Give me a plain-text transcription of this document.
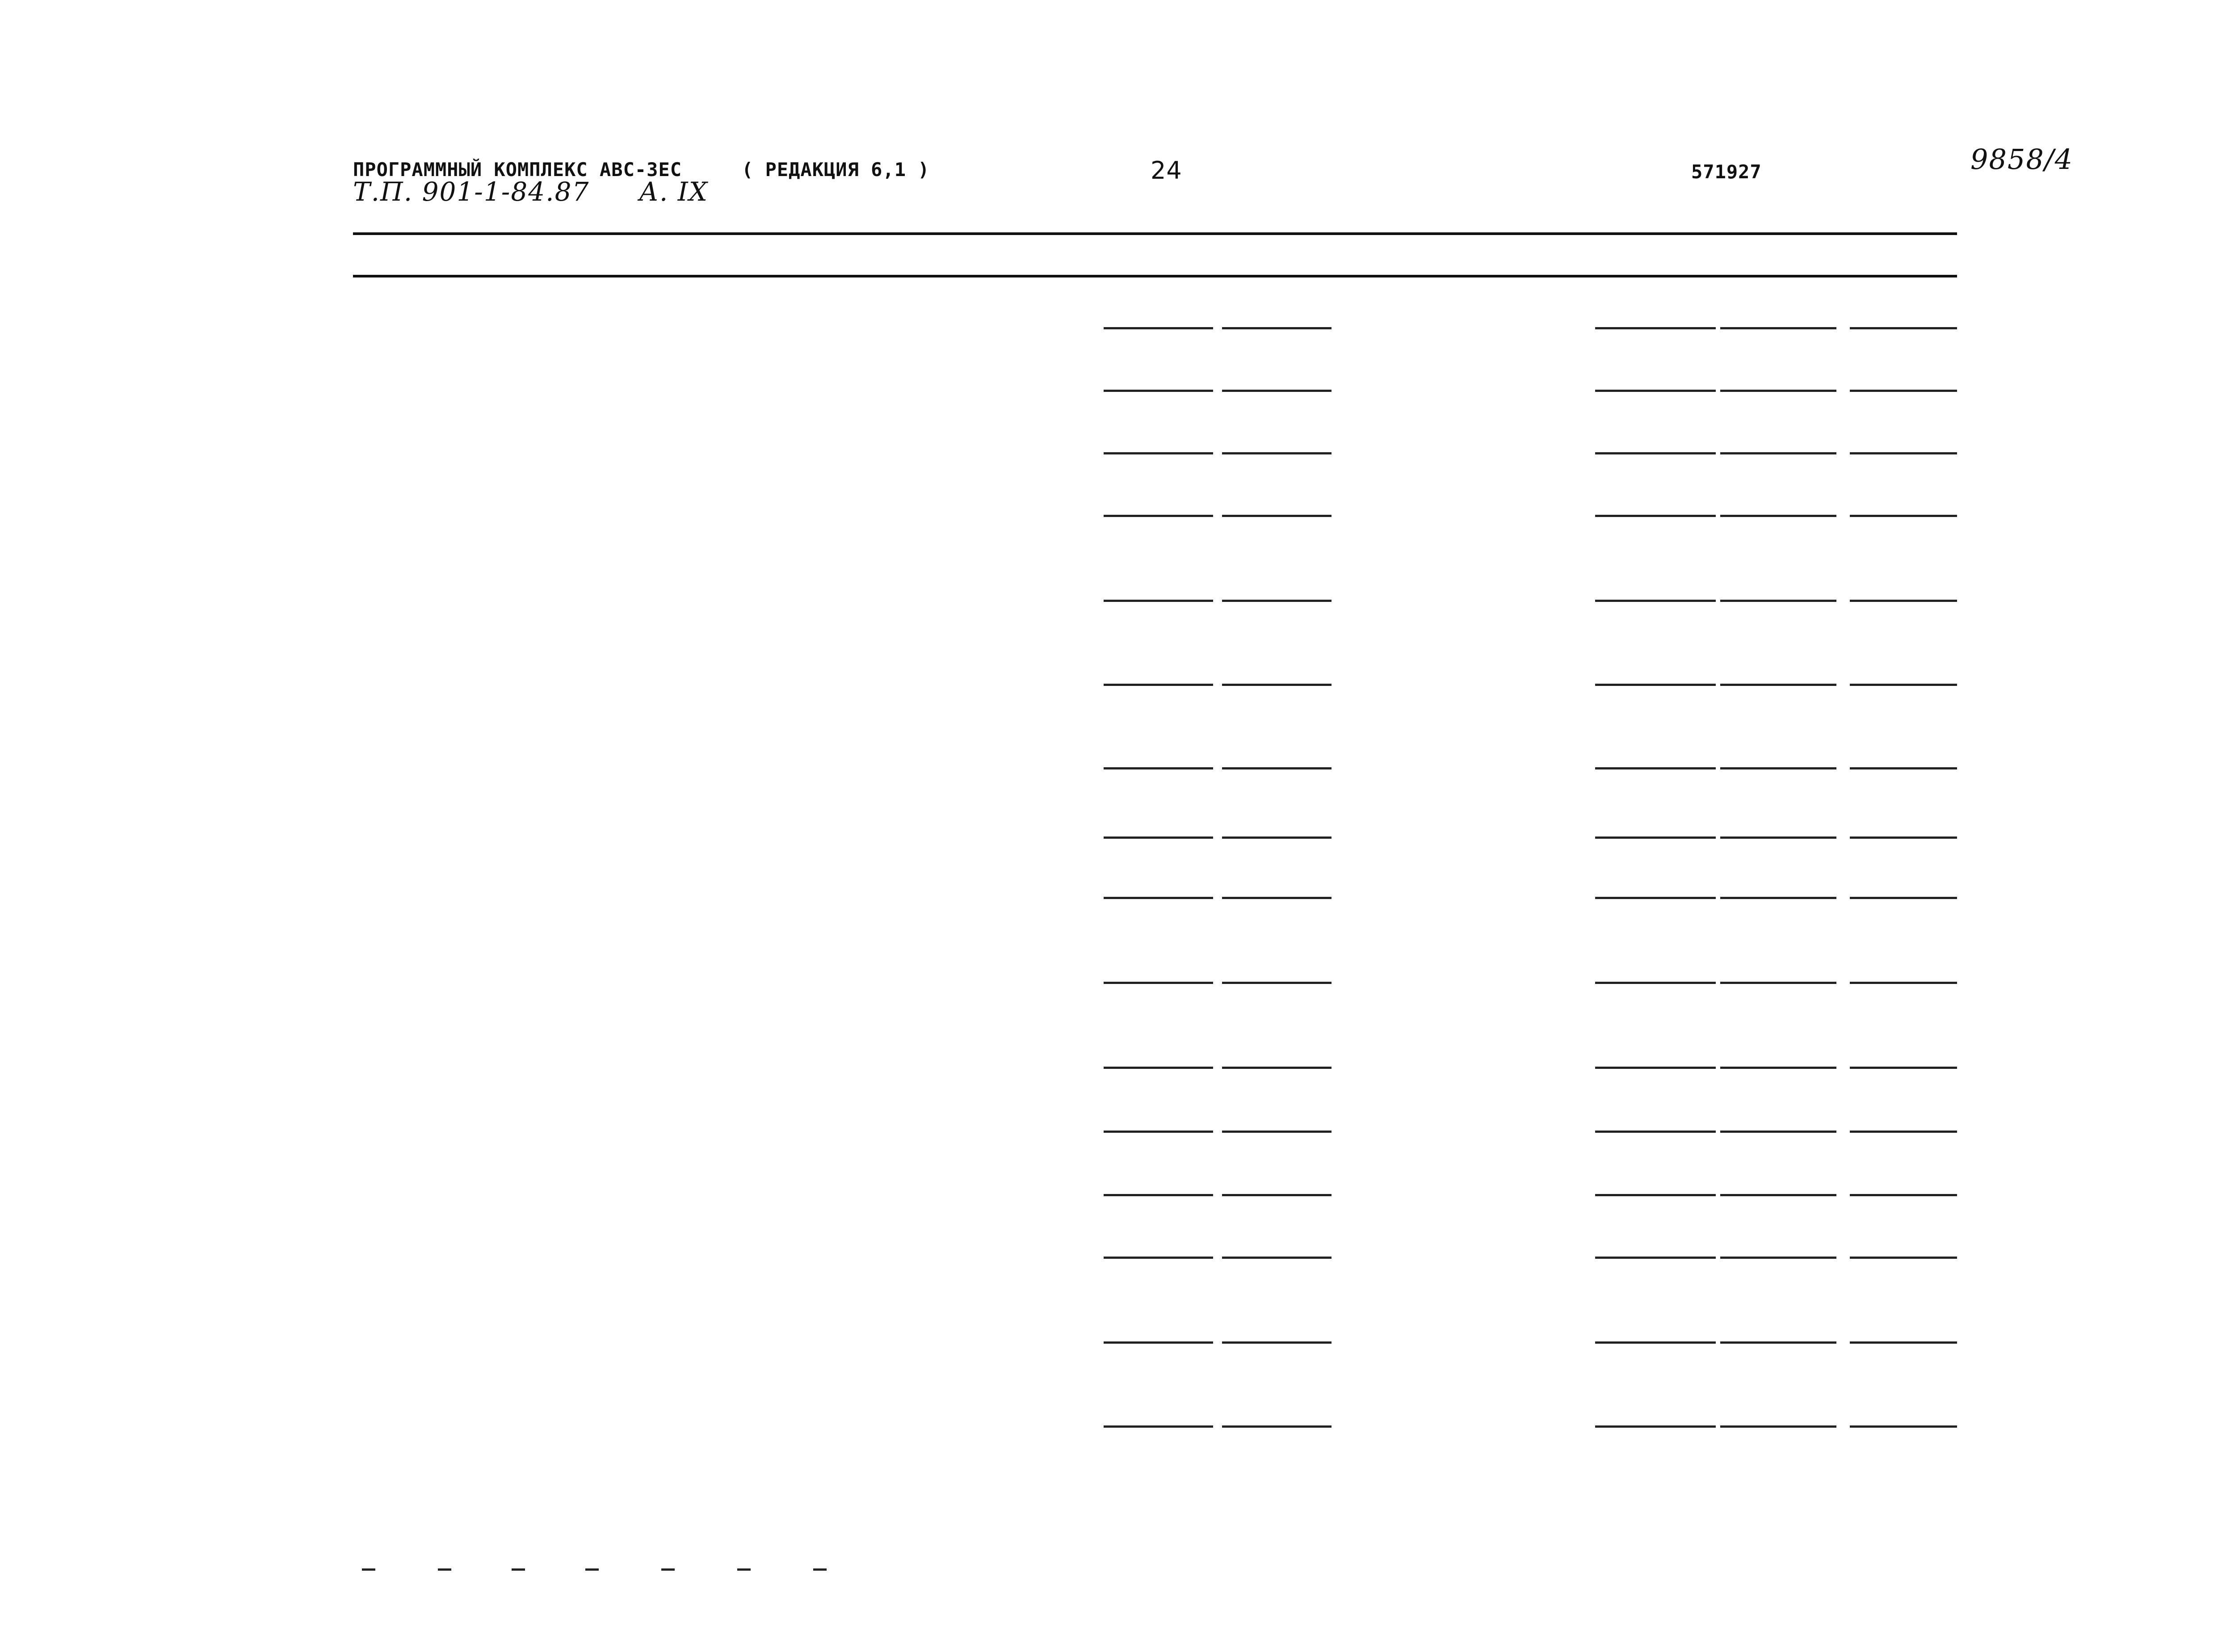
ПРОГРАММНЫЙ КОМПЛЕКС АВС-3ЕС	( РЕДАКЦИЯ 6,1 )	24	571927	9858/4
Т.П. 901-1-84.87 А. IX
